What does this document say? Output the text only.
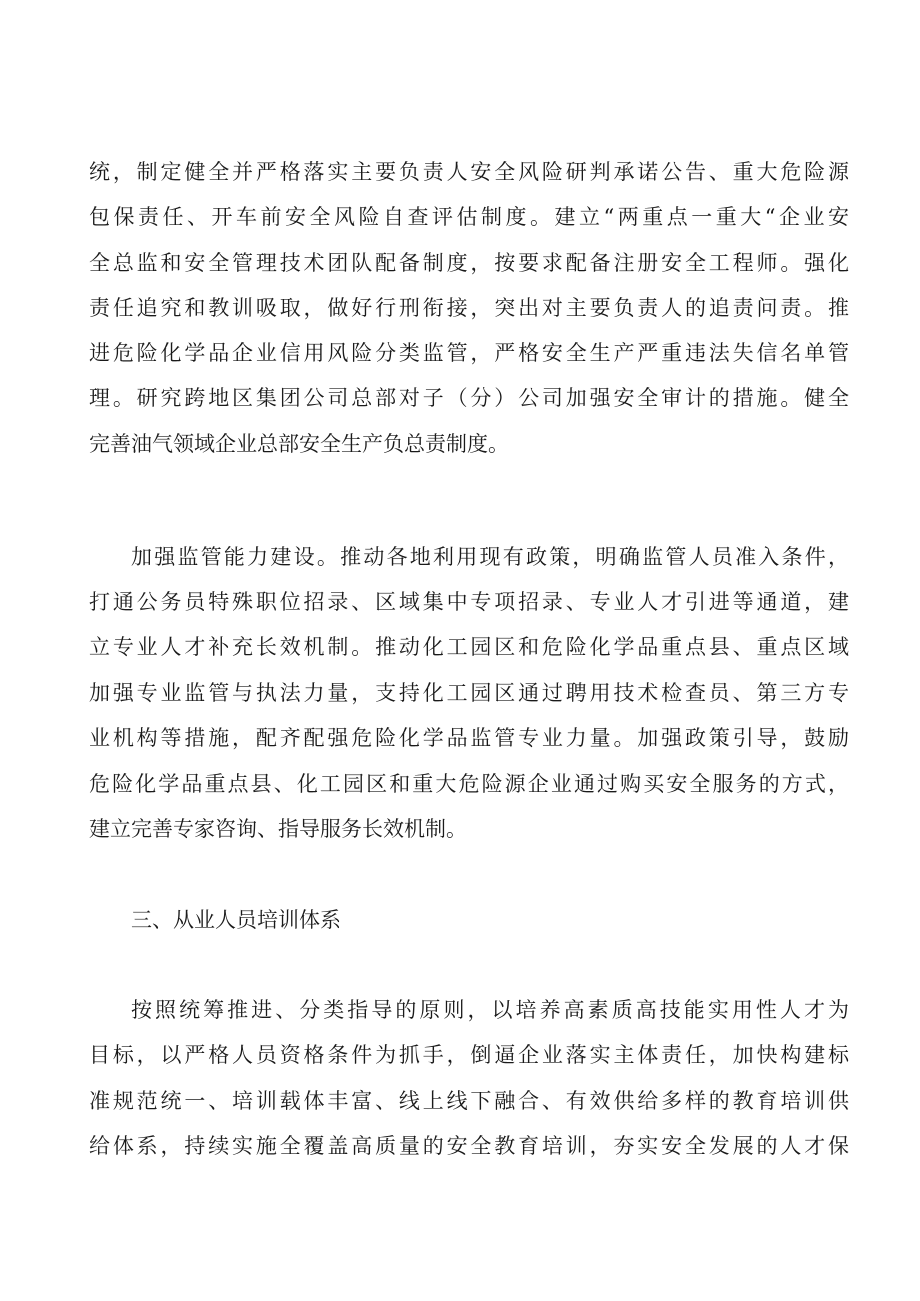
统，制定健全并严格落实主要负责人安全风险研判承诺公告、重大危险源
包保责任、开车前安全风险自查评估制度。建立“两重点一重大“企业安
全总监和安全管理技术团队配备制度，按要求配备注册安全工程师。强化
责任追究和教训吸取，做好行刑衔接，突出对主要负责人的追责问责。推
进危险化学品企业信用风险分类监管，严格安全生产严重违法失信名单管
理。研究跨地区集团公司总部对子（分）公司加强安全审计的措施。健全
完善油气领域企业总部安全生产负总责制度。
加强监管能力建设。推动各地利用现有政策，明确监管人员准入条件，
打通公务员特殊职位招录、区域集中专项招录、专业人才引进等通道，建
立专业人才补充长效机制。推动化工园区和危险化学品重点县、重点区域
加强专业监管与执法力量，支持化工园区通过聘用技术检查员、第三方专
业机构等措施，配齐配强危险化学品监管专业力量。加强政策引导，鼓励
危险化学品重点县、化工园区和重大危险源企业通过购买安全服务的方式，
建立完善专家咨询、指导服务长效机制。
三、从业人员培训体系
按照统筹推进、分类指导的原则，以培养高素质高技能实用性人才为
目标，以严格人员资格条件为抓手，倒逼企业落实主体责任，加快构建标
准规范统一、培训载体丰富、线上线下融合、有效供给多样的教育培训供
给体系，持续实施全覆盖高质量的安全教育培训，夯实安全发展的人才保
